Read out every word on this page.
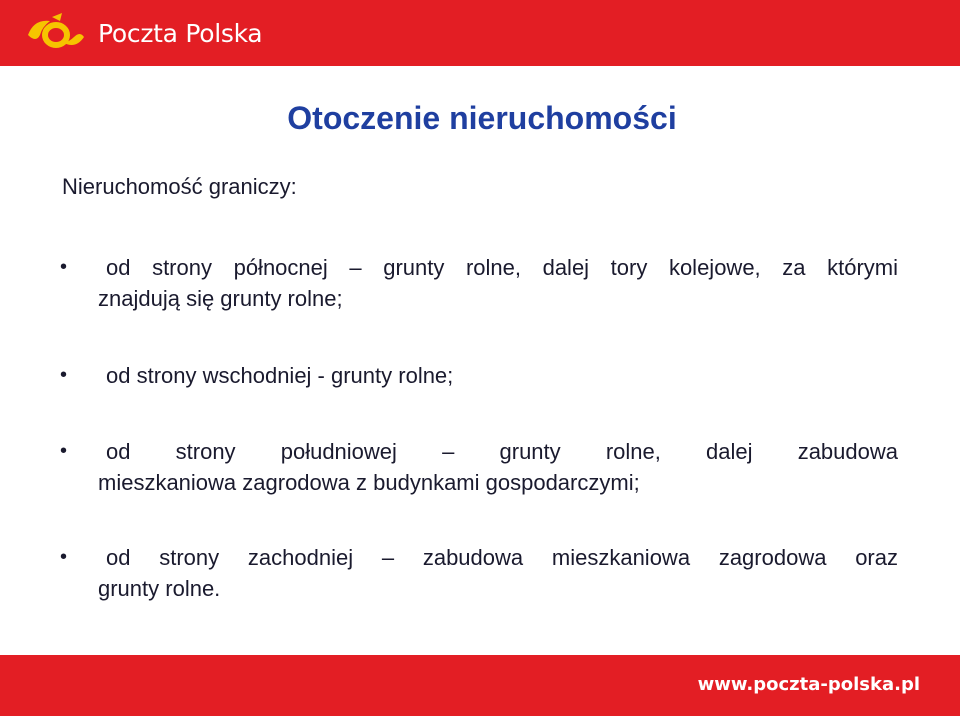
Poczta Polska
Otoczenie nieruchomości

Nieruchomość graniczy:

•	od strony północnej – grunty rolne, dalej tory kolejowe, za którymi

znajdują się grunty rolne;

•	od strony wschodniej - grunty rolne;

•	od strony południowej – grunty rolne, dalej zabudowa

mieszkaniowa zagrodowa z budynkami gospodarczymi;

•	od strony zachodniej – zabudowa mieszkaniowa zagrodowa oraz

grunty rolne.

www.poczta-polska.pl
